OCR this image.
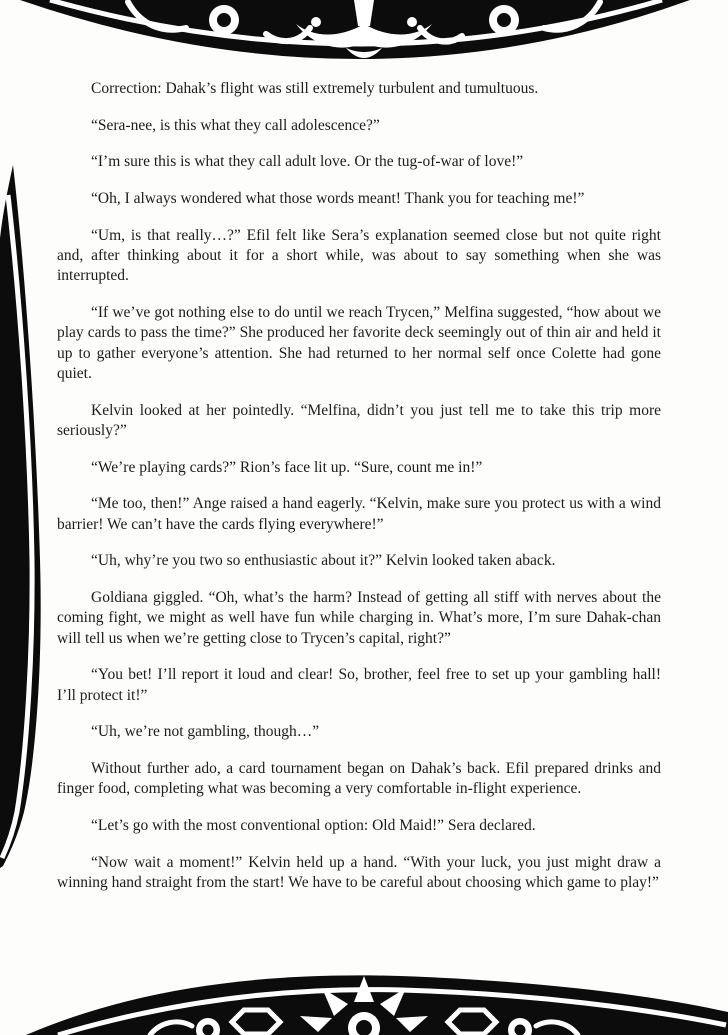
Correction: Dahak’s flight was still extremely turbulent and tumultuous.

“Sera-nee, is this what they call adolescence?”

“I’m sure this is what they call adult love. Or the tug-of-war of love!”

“Oh, I always wondered what those words meant! Thank you for teaching me!”

“Um, is that really…?” Efil felt like Sera’s explanation seemed close but not quite right and, after thinking about it for a short while, was about to say something when she was interrupted.

“If we’ve got nothing else to do until we reach Trycen,” Melfina suggested, “how about we play cards to pass the time?” She produced her favorite deck seemingly out of thin air and held it up to gather everyone’s attention. She had returned to her normal self once Colette had gone quiet.

Kelvin looked at her pointedly. “Melfina, didn’t you just tell me to take this trip more seriously?”

“We’re playing cards?” Rion’s face lit up. “Sure, count me in!”

“Me too, then!” Ange raised a hand eagerly. “Kelvin, make sure you protect us with a wind barrier! We can’t have the cards flying everywhere!”

“Uh, why’re you two so enthusiastic about it?” Kelvin looked taken aback.

Goldiana giggled. “Oh, what’s the harm? Instead of getting all stiff with nerves about the coming fight, we might as well have fun while charging in. What’s more, I’m sure Dahak-chan will tell us when we’re getting close to Trycen’s capital, right?”

“You bet! I’ll report it loud and clear! So, brother, feel free to set up your gambling hall! I’ll protect it!”

“Uh, we’re not gambling, though…”

Without further ado, a card tournament began on Dahak’s back. Efil prepared drinks and finger food, completing what was becoming a very comfortable in-flight experience.

“Let’s go with the most conventional option: Old Maid!” Sera declared.

“Now wait a moment!” Kelvin held up a hand. “With your luck, you just might draw a winning hand straight from the start! We have to be careful about choosing which game to play!”
